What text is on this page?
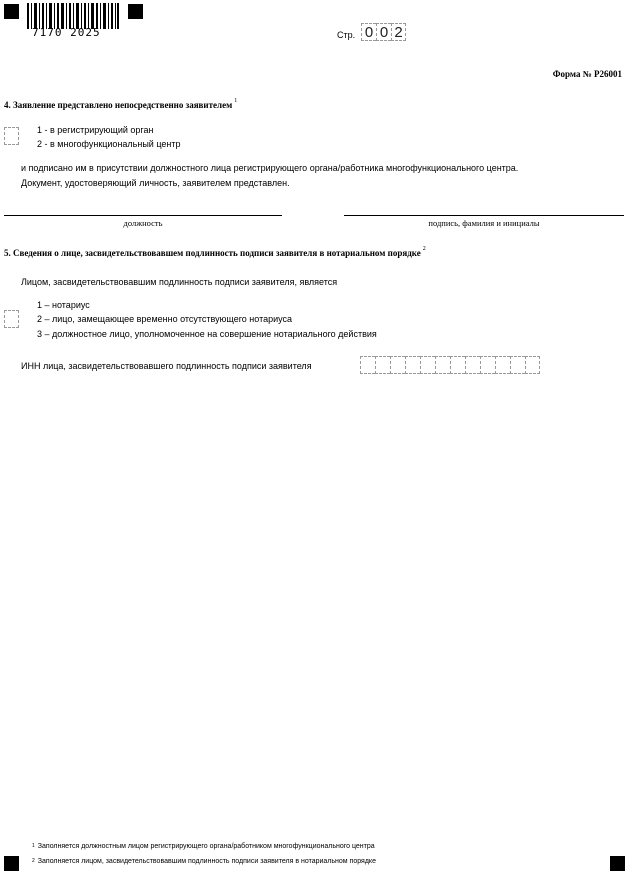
7170 2025	Стр. 0 0 2
Форма № Р26001
4. Заявление представлено непосредственно заявителем $^1$
1 - в регистрирующий орган
2 - в многофункциональный центр
и подписано им в присутствии должностного лица регистрирующего органа/работника многофункционального центра.
Документ, удостоверяющий личность, заявителем представлен.
должность	подпись, фамилия и инициалы
5. Сведения о лице, засвидетельствовавшем подлинность подписи заявителя в нотариальном порядке $^2$
Лицом, засвидетельствовавшим подлинность подписи заявителя, является
1 – нотариус
2 – лицо, замещающее временно отсутствующего нотариуса
3 – должностное лицо, уполномоченное на совершение нотариального действия
ИНН лица, засвидетельствовавшего подлинность подписи заявителя
$^1$ Заполняется должностным лицом регистрирующего органа/работником многофункционального центра
$^2$ Заполняется лицом, засвидетельствовавшим подлинность подписи заявителя в нотариальном порядке
